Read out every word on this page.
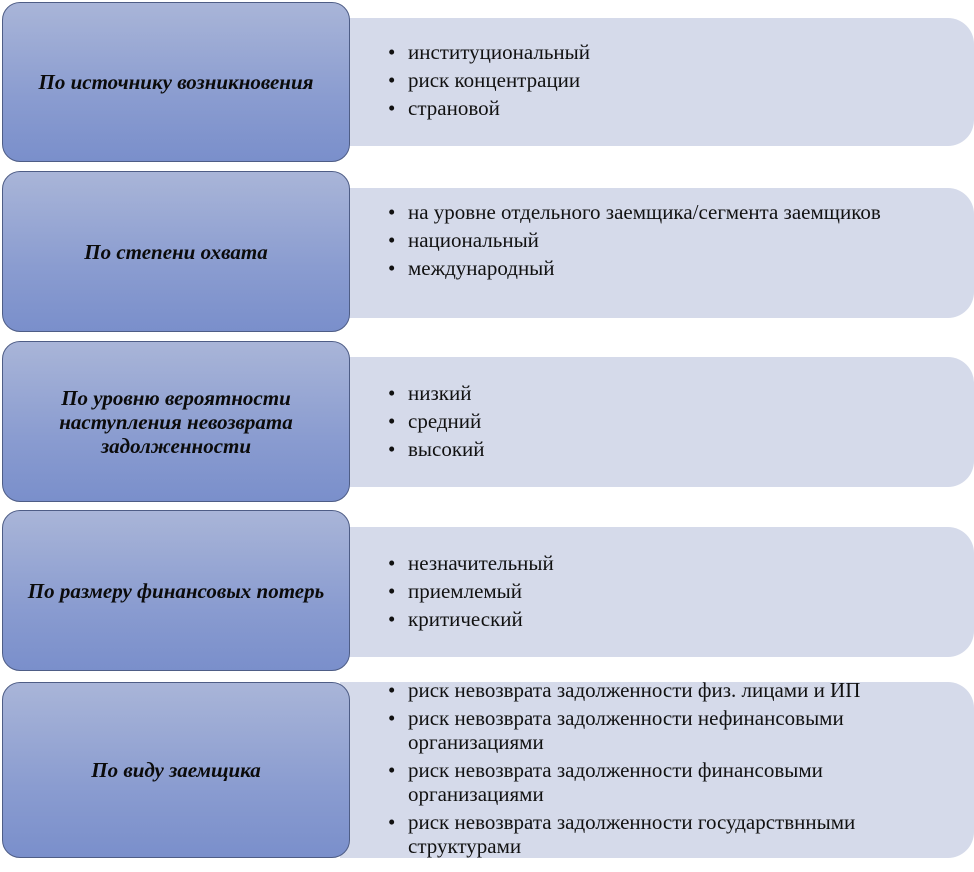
• институциональный
• риск концентрации
• страновой
По источнику возникновения
• на уровне отдельного заемщика/сегмента заемщиков
• национальный
• международный
По степени охвата
• низкий
• средний
• высокий
По уровню вероятности наступления невозврата задолженности
• незначительный
• приемлемый
• критический
По размеру финансовых потерь
• риск невозврата задолженности физ. лицами и ИП
• риск невозврата задолженности нефинансовыми организациями
• риск невозврата задолженности финансовыми организациями
• риск невозврата задолженности государствнными структурами
По виду заемщика
